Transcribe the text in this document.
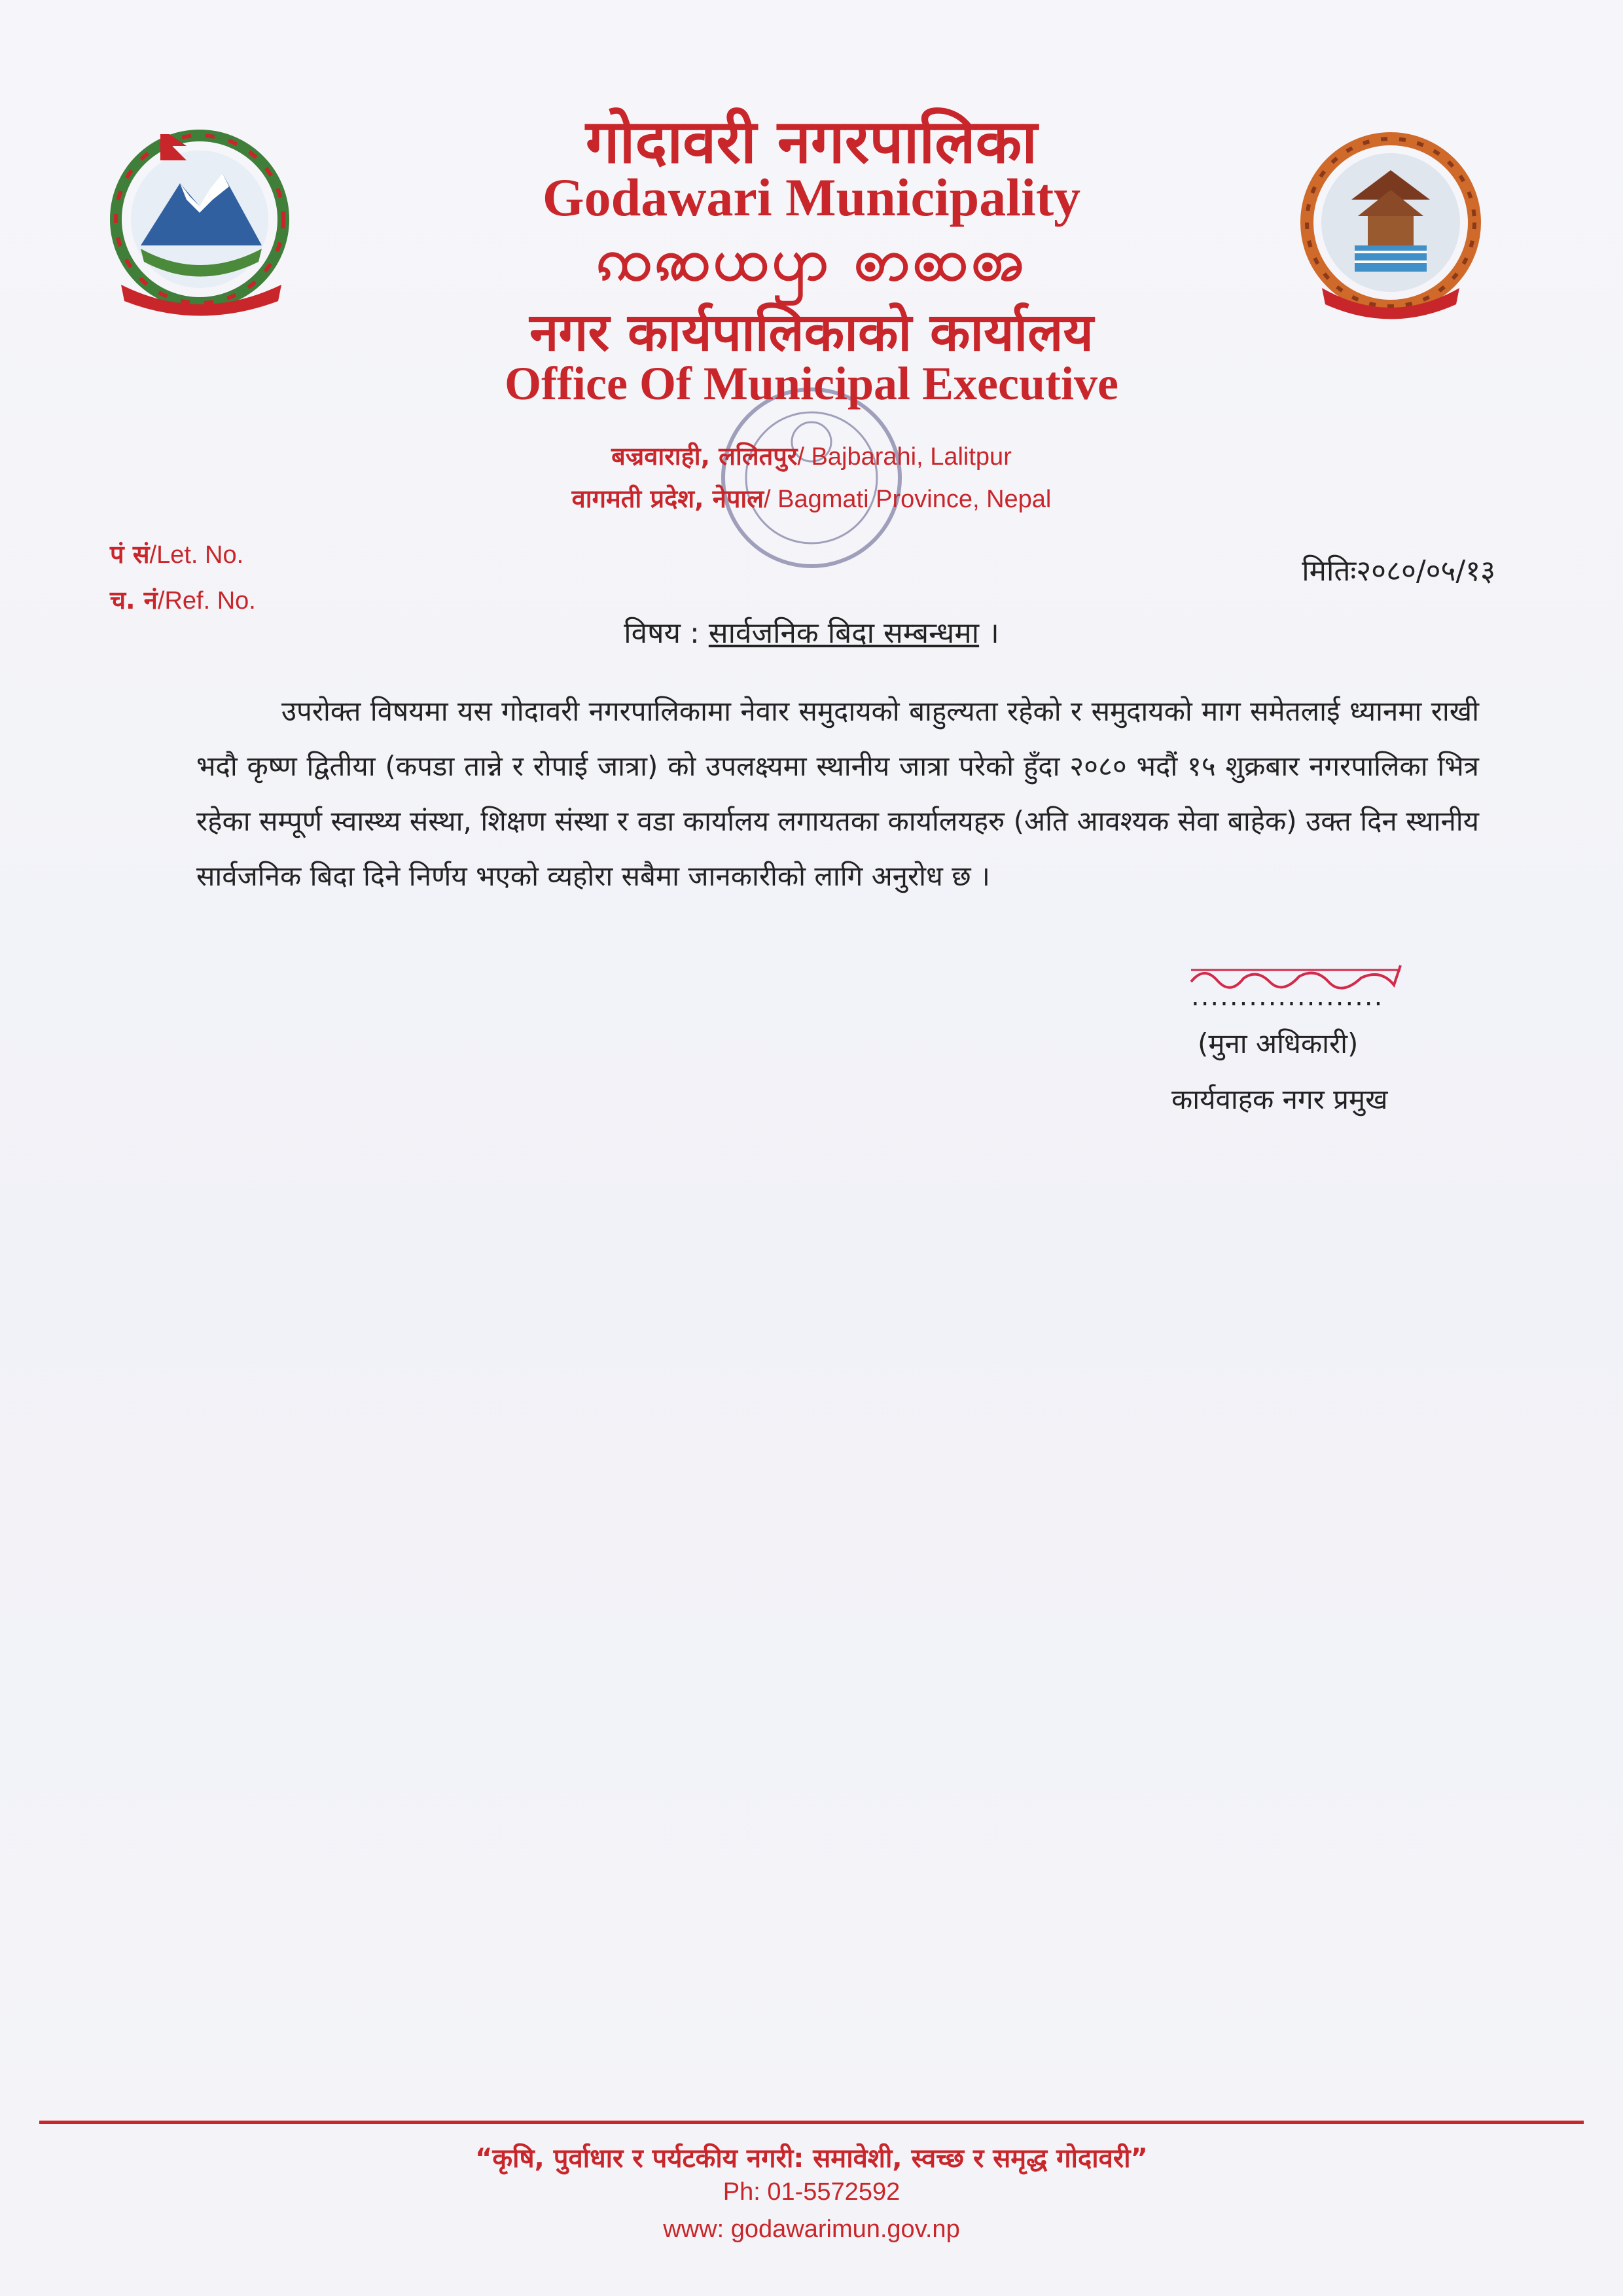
गोदावरी नगरपालिका
Godawari Municipality
ꩡꩣꩤꩥ ꩦꩧꩨ
नगर कार्यपालिकाको कार्यालय
Office Of Municipal Executive
बज्रवाराही, ललितपुर/ Bajbarahi, Lalitpur
वागमती प्रदेश, नेपाल/ Bagmati Province, Nepal
पं सं/Let. No.
च. नं/Ref. No.
मितिः२०८०/०५/१३
विषय : सार्वजनिक बिदा सम्बन्धमा ।
उपरोक्त विषयमा यस गोदावरी नगरपालिकामा नेवार समुदायको बाहुल्यता रहेको र समुदायको माग समेतलाई ध्यानमा राखी भदौ कृष्ण द्वितीया (कपडा तान्ने र रोपाई जात्रा) को उपलक्ष्यमा स्थानीय जात्रा परेको हुँदा २०८० भदौं १५ शुक्रबार नगरपालिका भित्र रहेका सम्पूर्ण स्वास्थ्य संस्था, शिक्षण संस्था र वडा कार्यालय लगायतका कार्यालयहरु (अति आवश्यक सेवा बाहेक) उक्त दिन स्थानीय सार्वजनिक बिदा दिने निर्णय भएको व्यहोरा सबैमा जानकारीको लागि अनुरोध छ ।
....................
(मुना अधिकारी)
कार्यवाहक नगर प्रमुख
“कृषि, पुर्वाधार र पर्यटकीय नगरी: समावेशी, स्वच्छ र समृद्ध गोदावरी”
Ph: 01-5572592
www: godawarimun.gov.np
